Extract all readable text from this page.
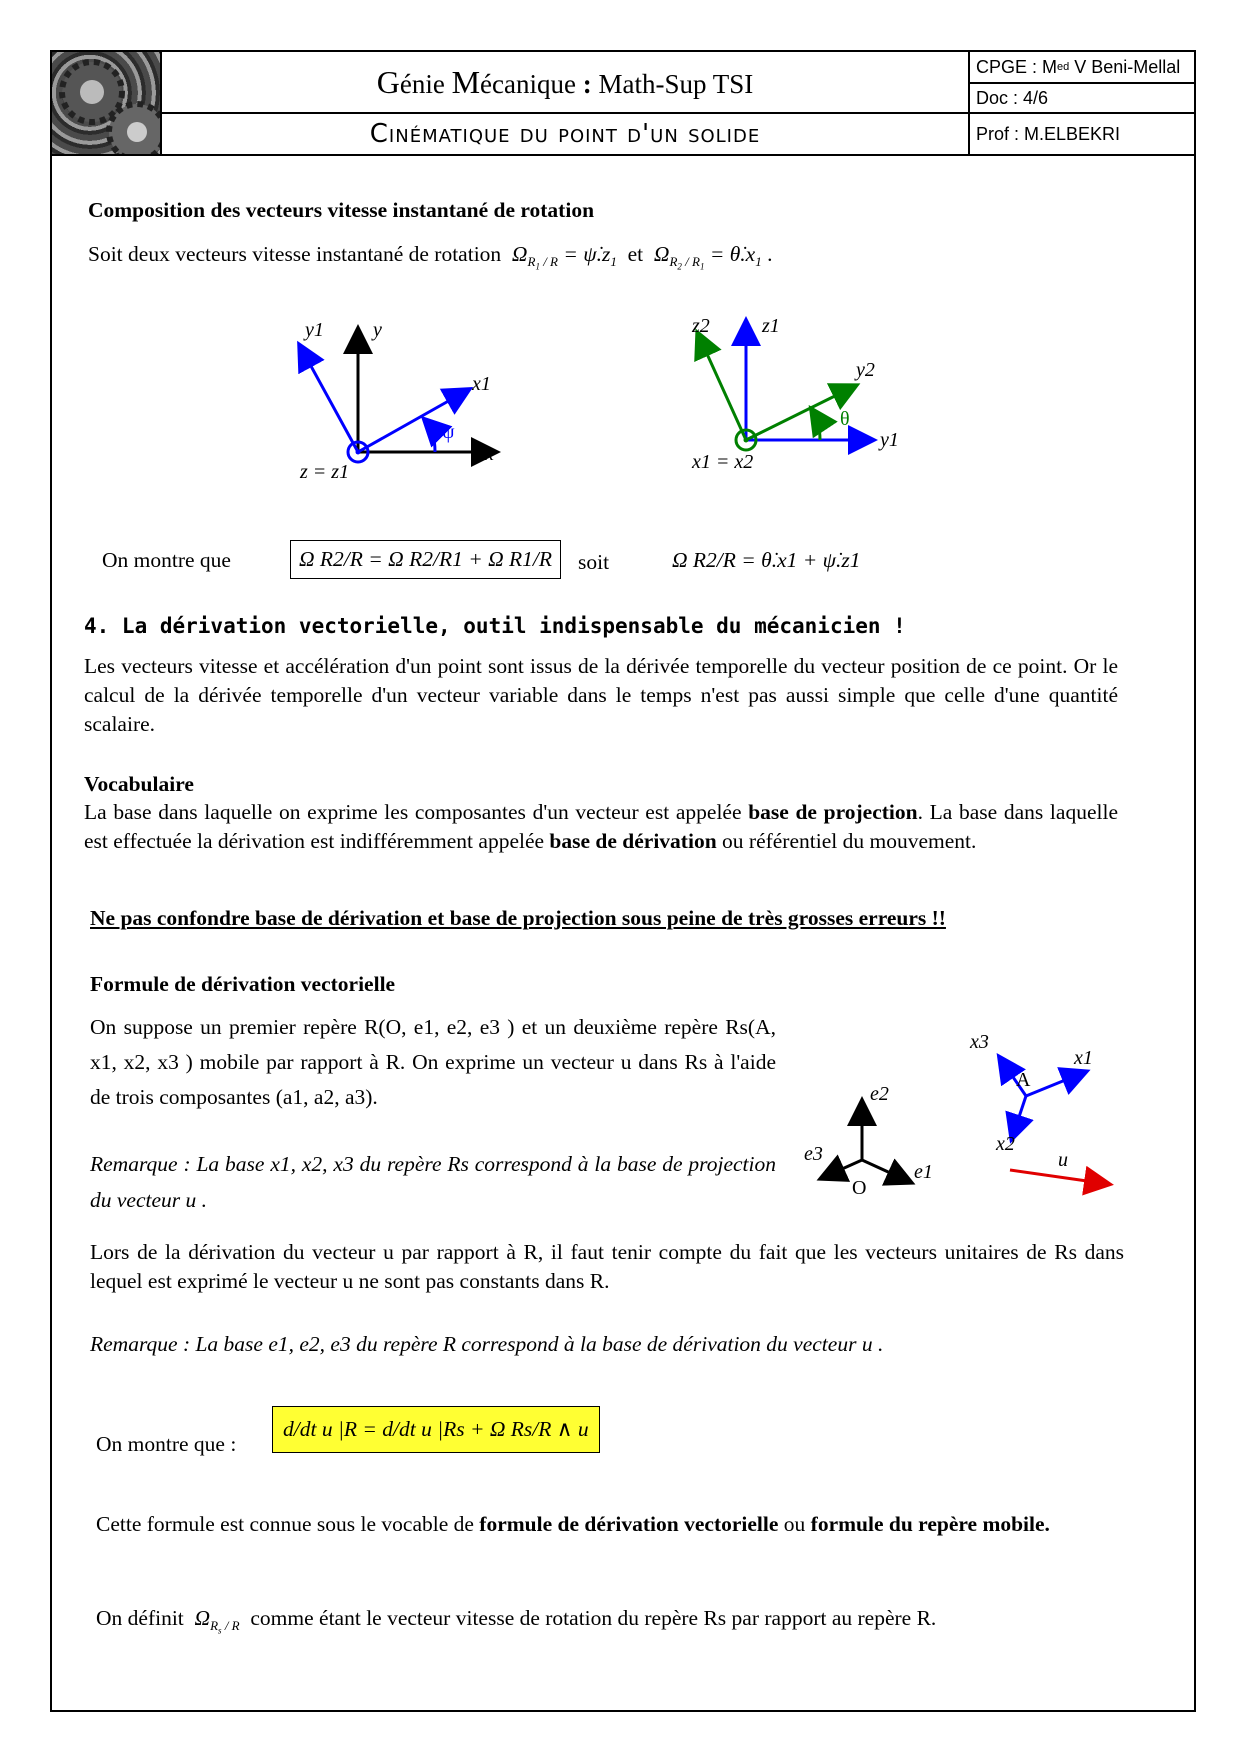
Génie Mécanique : Math-Sup TSI
Cinématique du point d'un solide
CPGE : M ed V Beni-Mellal
Doc : 4/6
Prof : M.ELBEKRI
Composition des vecteurs vitesse instantané de rotation
Soit deux vecteurs vitesse instantané de rotation $\Omega_{R_1 / R}$ = $\psi̇.z_1$ et $\Omega_{R_2 / R_1}$ = $\thetȧ.x_1$ .
y1 y
x1
x
ψ
z = z1
z2	z1
y2
y1
θ
x1 = x2
On montre que	Ω R2/R = Ω R2/R1 + Ω R1/R	soit	Ω R2/R = θ̇.x1 + ψ̇.z1
4. La dérivation vectorielle, outil indispensable du mécanicien !
Les vecteurs vitesse et accélération d'un point sont issus de la dérivée temporelle du vecteur position de ce point. Or le calcul de la dérivée temporelle d'un vecteur variable dans le temps n'est pas aussi simple que celle d'une quantité scalaire.
Vocabulaire
La base dans laquelle on exprime les composantes d'un vecteur est appelée base de projection. La base dans laquelle est effectuée la dérivation est indifféremment appelée base de dérivation ou référentiel du mouvement.
Ne pas confondre base de dérivation et base de projection sous peine de très grosses erreurs !!
Formule de dérivation vectorielle
On suppose un premier repère R(O, e1, e2, e3 ) et un deuxième repère Rs(A, x1, x2, x3 ) mobile par rapport à R. On exprime un vecteur u dans Rs à l'aide de trois composantes (a1, a2, a3).
Remarque : La base x1, x2, x3 du repère Rs correspond à la base de projection du vecteur u .
e2
e3
e1
O
x3
x1
A
x2
u
Lors de la dérivation du vecteur u par rapport à R, il faut tenir compte du fait que les vecteurs unitaires de Rs dans lequel est exprimé le vecteur u ne sont pas constants dans R.
Remarque : La base e1, e2, e3 du repère R correspond à la base de dérivation du vecteur u .
On montre que :
d/dt u |R = d/dt u |Rs + Ω Rs/R ∧ u
Cette formule est connue sous le vocable de formule de dérivation vectorielle ou formule du repère mobile.
On définit $\Omega_{R_s / R}$ comme étant le vecteur vitesse de rotation du repère Rs par rapport au repère R.
